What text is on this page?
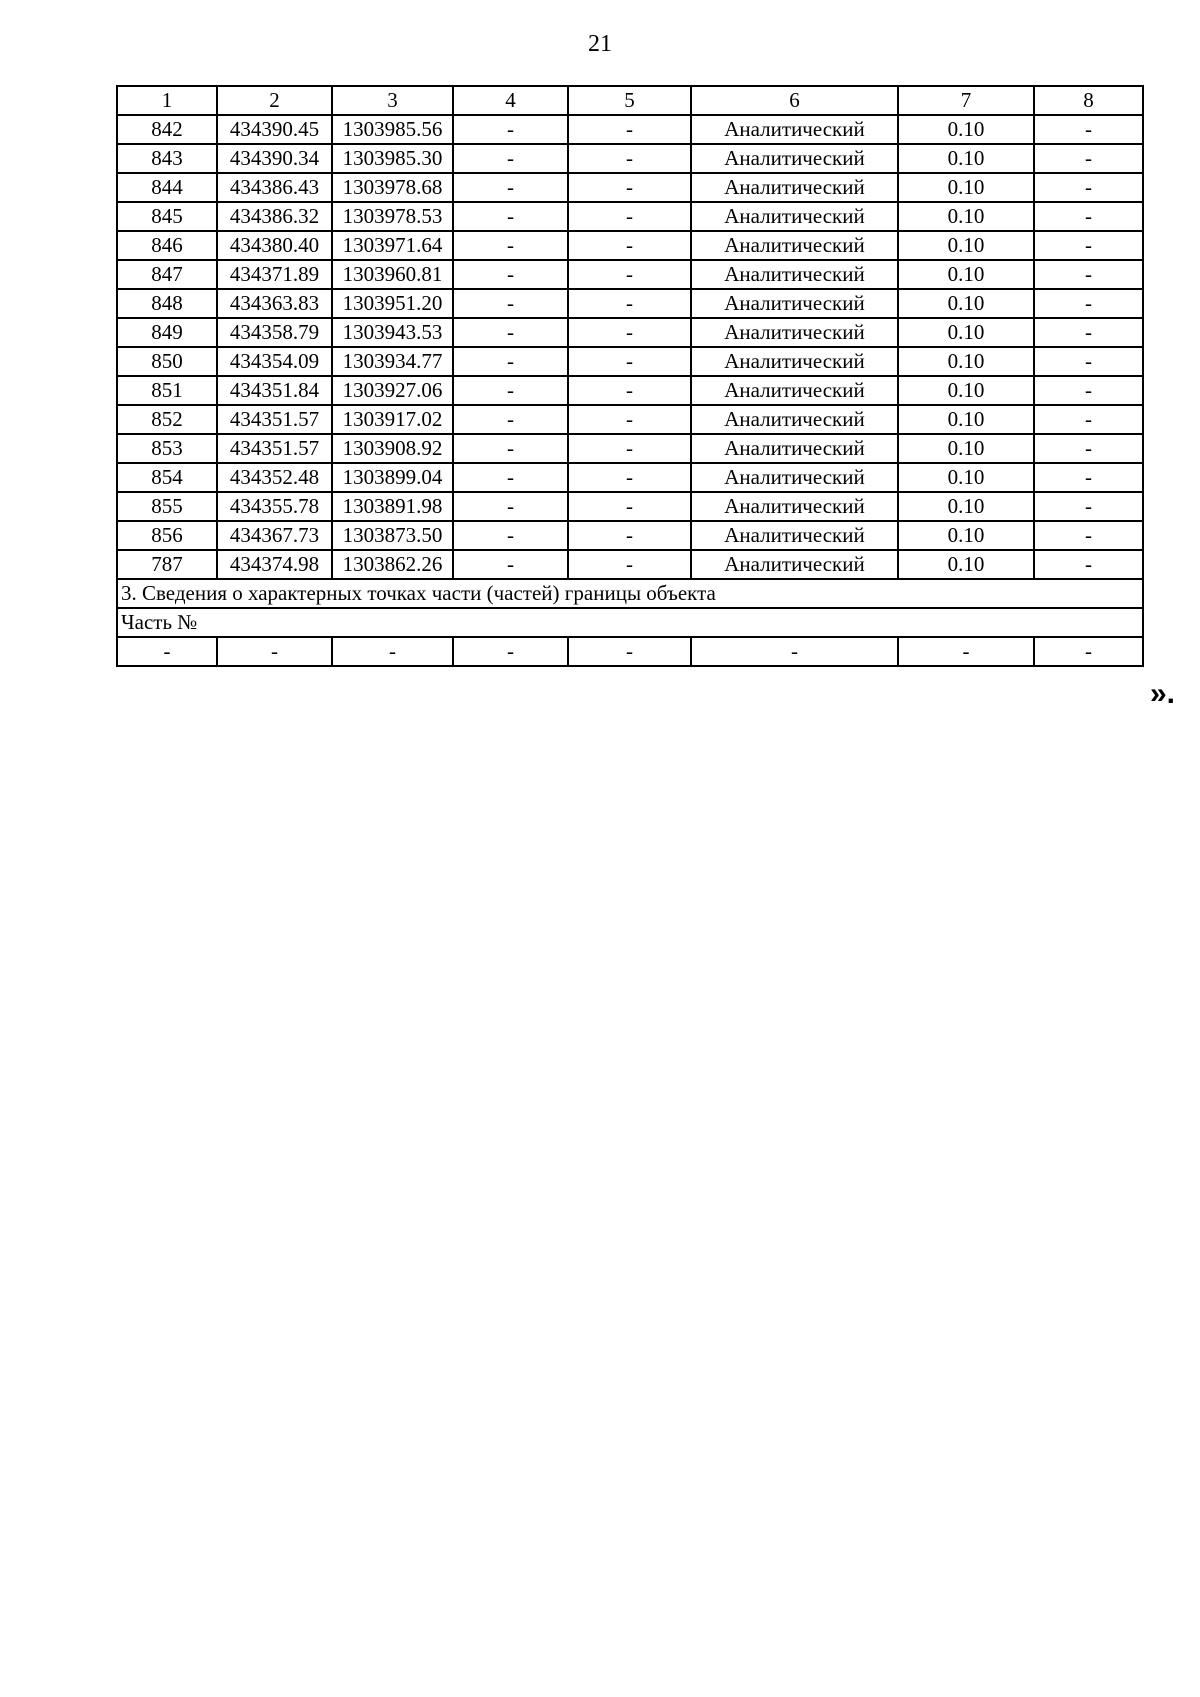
21
1	2	3	4	5	6	7	8
842	434390.45	1303985.56	-	-	Аналитический	0.10	-
843	434390.34	1303985.30	-	-	Аналитический	0.10	-
844	434386.43	1303978.68	-	-	Аналитический	0.10	-
845	434386.32	1303978.53	-	-	Аналитический	0.10	-
846	434380.40	1303971.64	-	-	Аналитический	0.10	-
847	434371.89	1303960.81	-	-	Аналитический	0.10	-
848	434363.83	1303951.20	-	-	Аналитический	0.10	-
849	434358.79	1303943.53	-	-	Аналитический	0.10	-
850	434354.09	1303934.77	-	-	Аналитический	0.10	-
851	434351.84	1303927.06	-	-	Аналитический	0.10	-
852	434351.57	1303917.02	-	-	Аналитический	0.10	-
853	434351.57	1303908.92	-	-	Аналитический	0.10	-
854	434352.48	1303899.04	-	-	Аналитический	0.10	-
855	434355.78	1303891.98	-	-	Аналитический	0.10	-
856	434367.73	1303873.50	-	-	Аналитический	0.10	-
787	434374.98	1303862.26	-	-	Аналитический	0.10	-
3. Сведения о характерных точках части (частей) границы объекта							
Часть №							
-	-	-	-	-	-	-	-
».
